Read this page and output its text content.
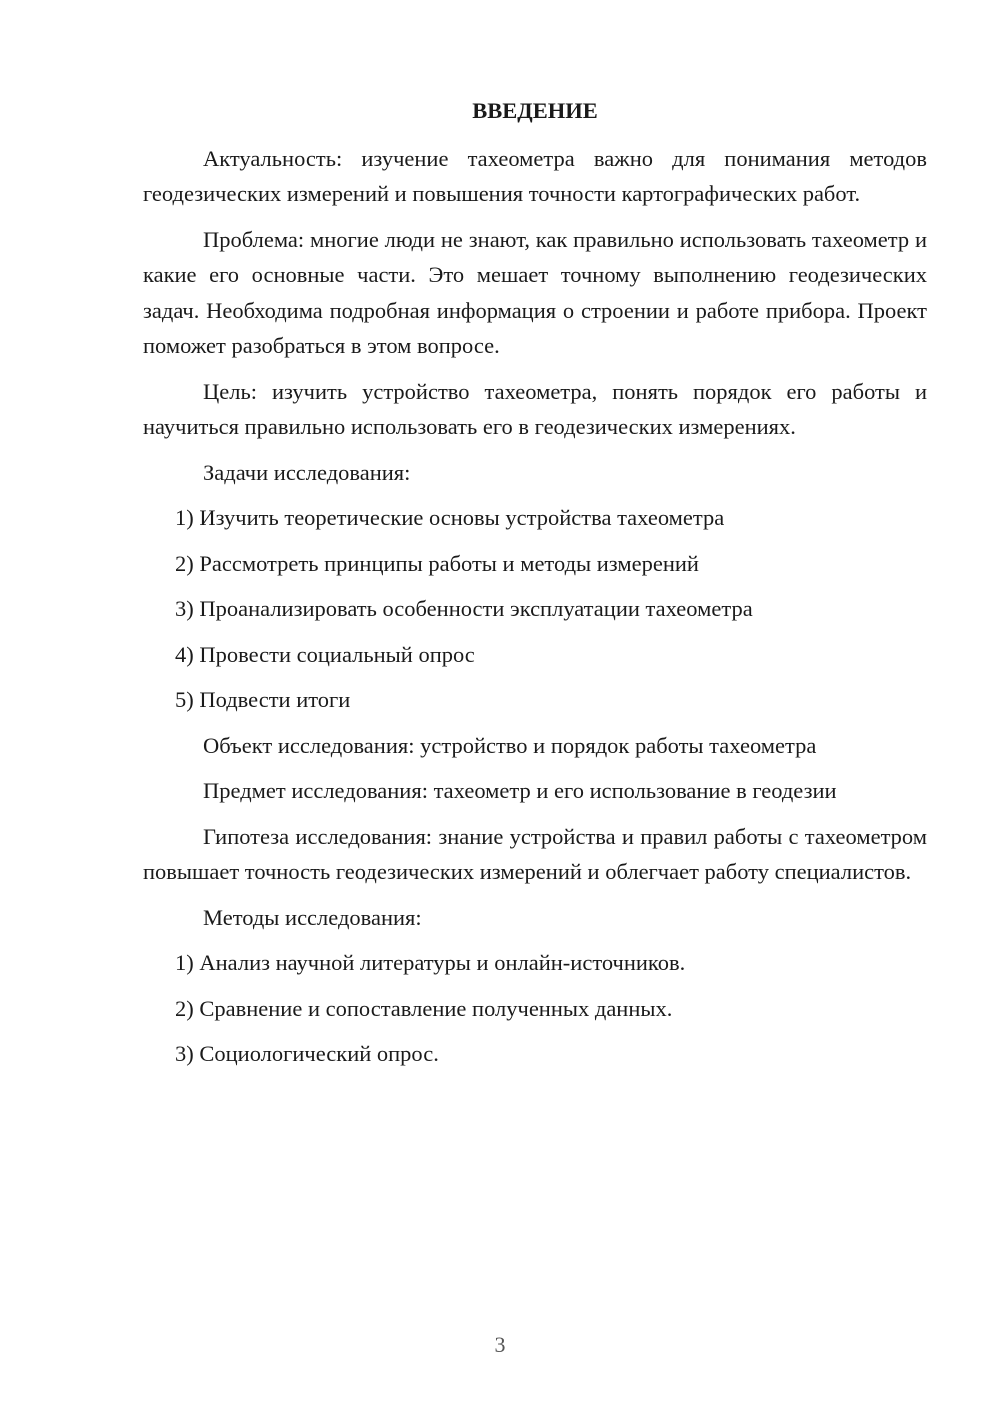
ВВЕДЕНИЕ

Актуальность: изучение тахеометра важно для понимания методов геодезических измерений и повышения точности картографических работ.

Проблема: многие люди не знают, как правильно использовать тахеометр и какие его основные части. Это мешает точному выполнению геодезических задач. Необходима подробная информация о строении и работе прибора. Проект поможет разобраться в этом вопросе.

Цель: изучить устройство тахеометра, понять порядок его работы и научиться правильно использовать его в геодезических измерениях.

Задачи исследования:
1) Изучить теоретические основы устройства тахеометра
2) Рассмотреть принципы работы и методы измерений
3) Проанализировать особенности эксплуатации тахеометра
4) Провести социальный опрос
5) Подвести итоги
Объект исследования: устройство и порядок работы тахеометра
Предмет исследования: тахеометр и его использование в геодезии

Гипотеза исследования: знание устройства и правил работы с тахеометром повышает точность геодезических измерений и облегчает работу специалистов.

Методы исследования:
1) Анализ научной литературы и онлайн-источников.
2) Сравнение и сопоставление полученных данных.
3) Социологический опрос.
3
